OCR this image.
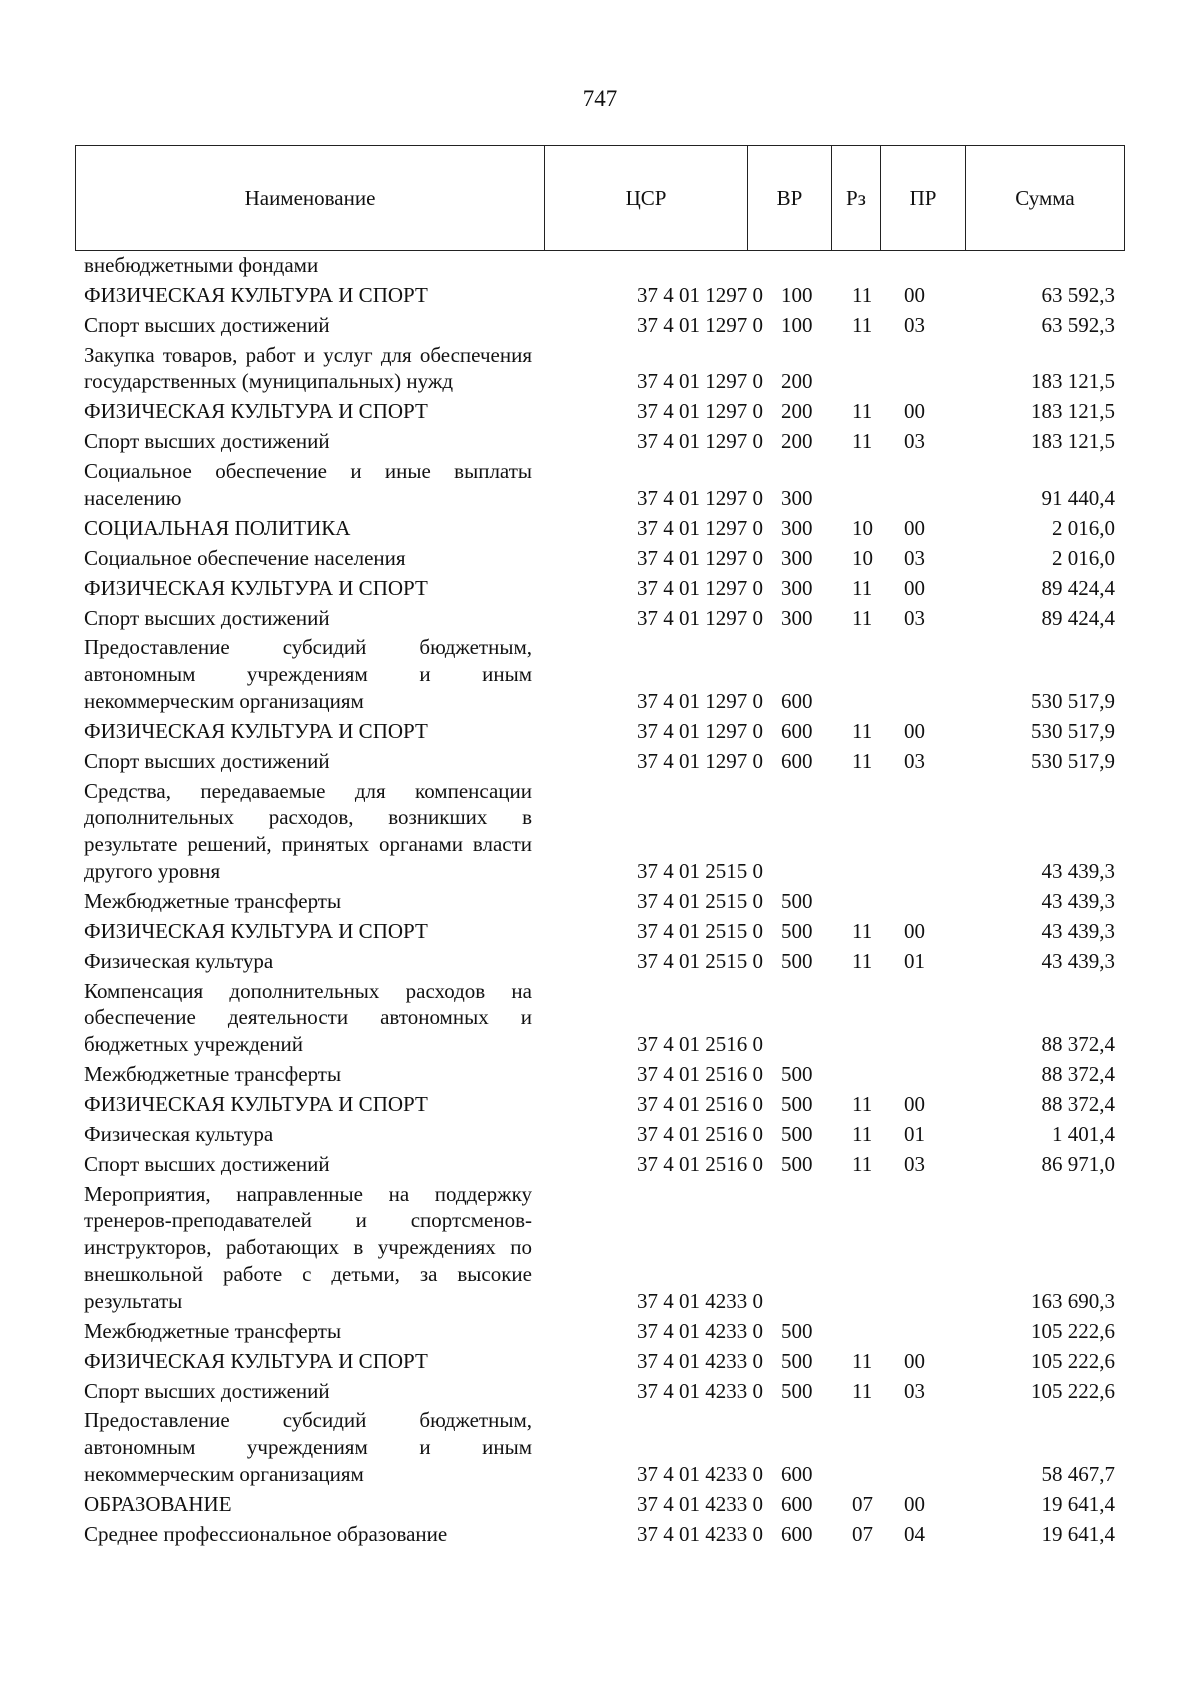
747
Наименование	ЦСР	ВР	Рз	ПР	Сумма
внебюджетными фондами
ФИЗИЧЕСКАЯ КУЛЬТУРА И СПОРТ	37 4 01 1297 0 100	11	00	63 592,3
Спорт высших достижений	37 4 01 1297 0 100	11	03	63 592,3
Закупка товаров, работ и услуг для обеспечения государственных (муниципальных) нужд	37 4 01 1297 0 200	183 121,5
ФИЗИЧЕСКАЯ КУЛЬТУРА И СПОРТ	37 4 01 1297 0 200	11	00	183 121,5
Спорт высших достижений	37 4 01 1297 0 200	11	03	183 121,5
Социальное обеспечение и иные выплаты населению	37 4 01 1297 0 300	91 440,4
СОЦИАЛЬНАЯ ПОЛИТИКА	37 4 01 1297 0 300	10	00	2 016,0
Социальное обеспечение населения	37 4 01 1297 0 300	10	03	2 016,0
ФИЗИЧЕСКАЯ КУЛЬТУРА И СПОРТ	37 4 01 1297 0 300	11	00	89 424,4
Спорт высших достижений	37 4 01 1297 0 300	11	03	89 424,4
Предоставление субсидий бюджетным, автономным учреждениям и иным некоммерческим организациям	37 4 01 1297 0 600	530 517,9
ФИЗИЧЕСКАЯ КУЛЬТУРА И СПОРТ	37 4 01 1297 0 600	11	00	530 517,9
Спорт высших достижений	37 4 01 1297 0 600	11	03	530 517,9
Средства, передаваемые для компенсации дополнительных расходов, возникших в результате решений, принятых органами власти другого уровня	37 4 01 2515 0	43 439,3
Межбюджетные трансферты	37 4 01 2515 0 500	43 439,3
ФИЗИЧЕСКАЯ КУЛЬТУРА И СПОРТ	37 4 01 2515 0 500	11	00	43 439,3
Физическая культура	37 4 01 2515 0 500	11	01	43 439,3
Компенсация дополнительных расходов на обеспечение деятельности автономных и бюджетных учреждений	37 4 01 2516 0	88 372,4
Межбюджетные трансферты	37 4 01 2516 0 500	88 372,4
ФИЗИЧЕСКАЯ КУЛЬТУРА И СПОРТ	37 4 01 2516 0 500	11	00	88 372,4
Физическая культура	37 4 01 2516 0 500	11	01	1 401,4
Спорт высших достижений	37 4 01 2516 0 500	11	03	86 971,0
Мероприятия, направленные на поддержку тренеров-преподавателей и спортсменов-инструкторов, работающих в учреждениях по внешкольной работе с детьми, за высокие результаты	37 4 01 4233 0	163 690,3
Межбюджетные трансферты	37 4 01 4233 0 500	105 222,6
ФИЗИЧЕСКАЯ КУЛЬТУРА И СПОРТ	37 4 01 4233 0 500	11	00	105 222,6
Спорт высших достижений	37 4 01 4233 0 500	11	03	105 222,6
Предоставление субсидий бюджетным, автономным учреждениям и иным некоммерческим организациям	37 4 01 4233 0 600	58 467,7
ОБРАЗОВАНИЕ	37 4 01 4233 0 600	07	00	19 641,4
Среднее профессиональное образование	37 4 01 4233 0 600	07	04	19 641,4
